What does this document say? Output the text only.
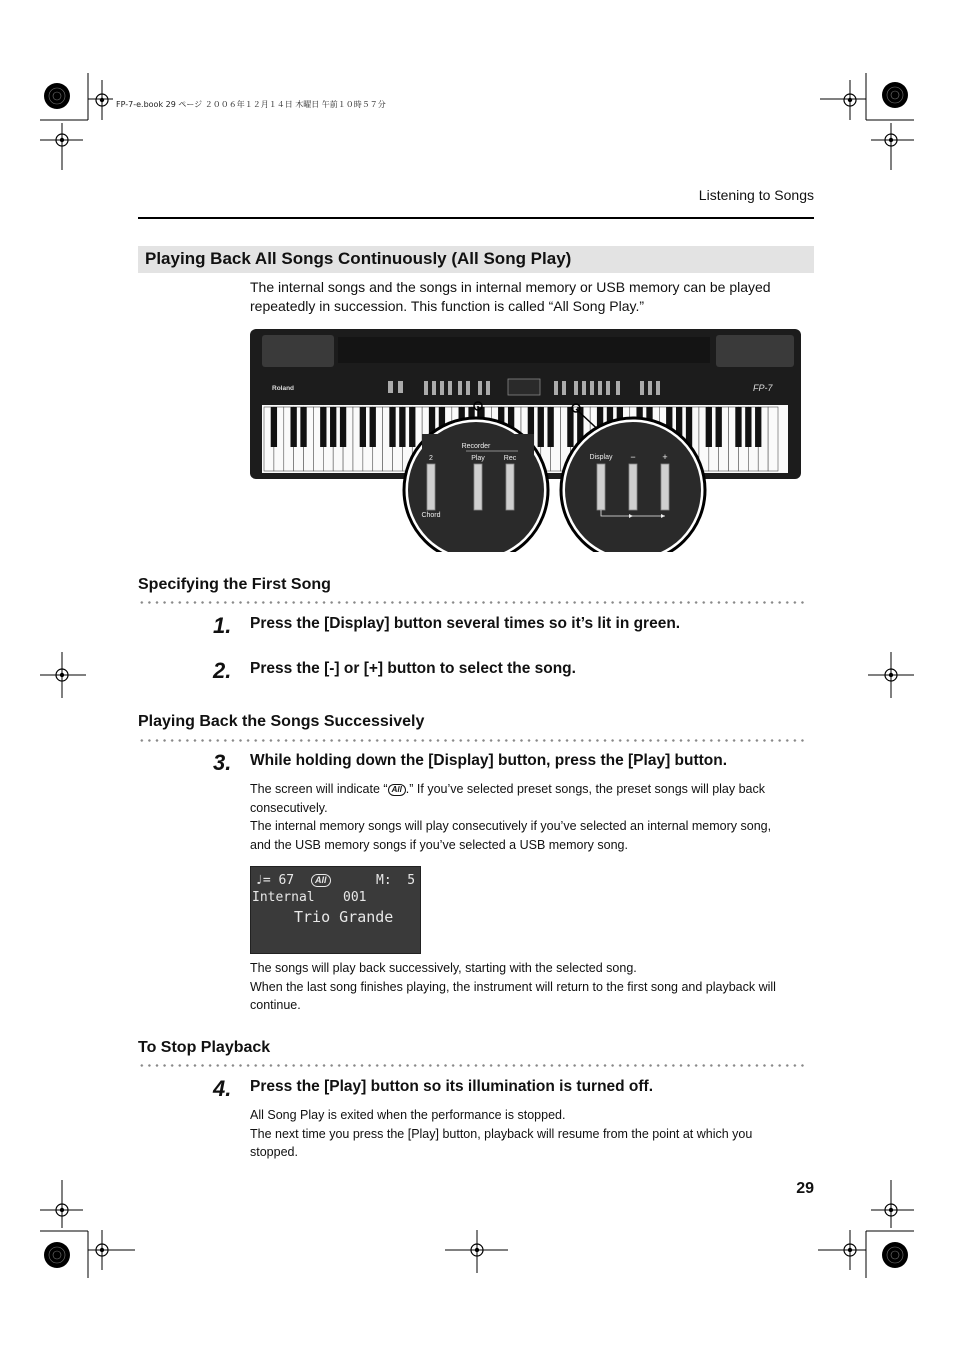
FP-7-e.book 29 ページ ２００６年１２月１４日 木曜日 午前１０時５７分
Listening to Songs
Playing Back All Songs Continuously (All Song Play)
The internal songs and the songs in internal memory or USB memory can be played
repeatedly in succession. This function is called “All Song Play.”
Roland	FP-7
Recorder
2	Play	Rec
Chord
Display −	+
Specifying the First Song
1. Press the [Display] button several times so it’s lit in green.
2. Press the [-] or [+] button to select the song.
Playing Back the Songs Successively
3. While holding down the [Display] button, press the [Play] button.
The screen will indicate “ All .” If you’ve selected preset songs, the preset songs will play back
consecutively.
The internal memory songs will play consecutively if you’ve selected an internal memory song,
and the USB memory songs if you’ve selected a USB memory song.
♩= 67	All	M:  5
Internal 001
Trio Grande
The songs will play back successively, starting with the selected song.
When the last song finishes playing, the instrument will return to the first song and playback will
continue.
To Stop Playback
4. Press the [Play] button so its illumination is turned off.
All Song Play is exited when the performance is stopped.
The next time you press the [Play] button, playback will resume from the point at which you
stopped.
29
